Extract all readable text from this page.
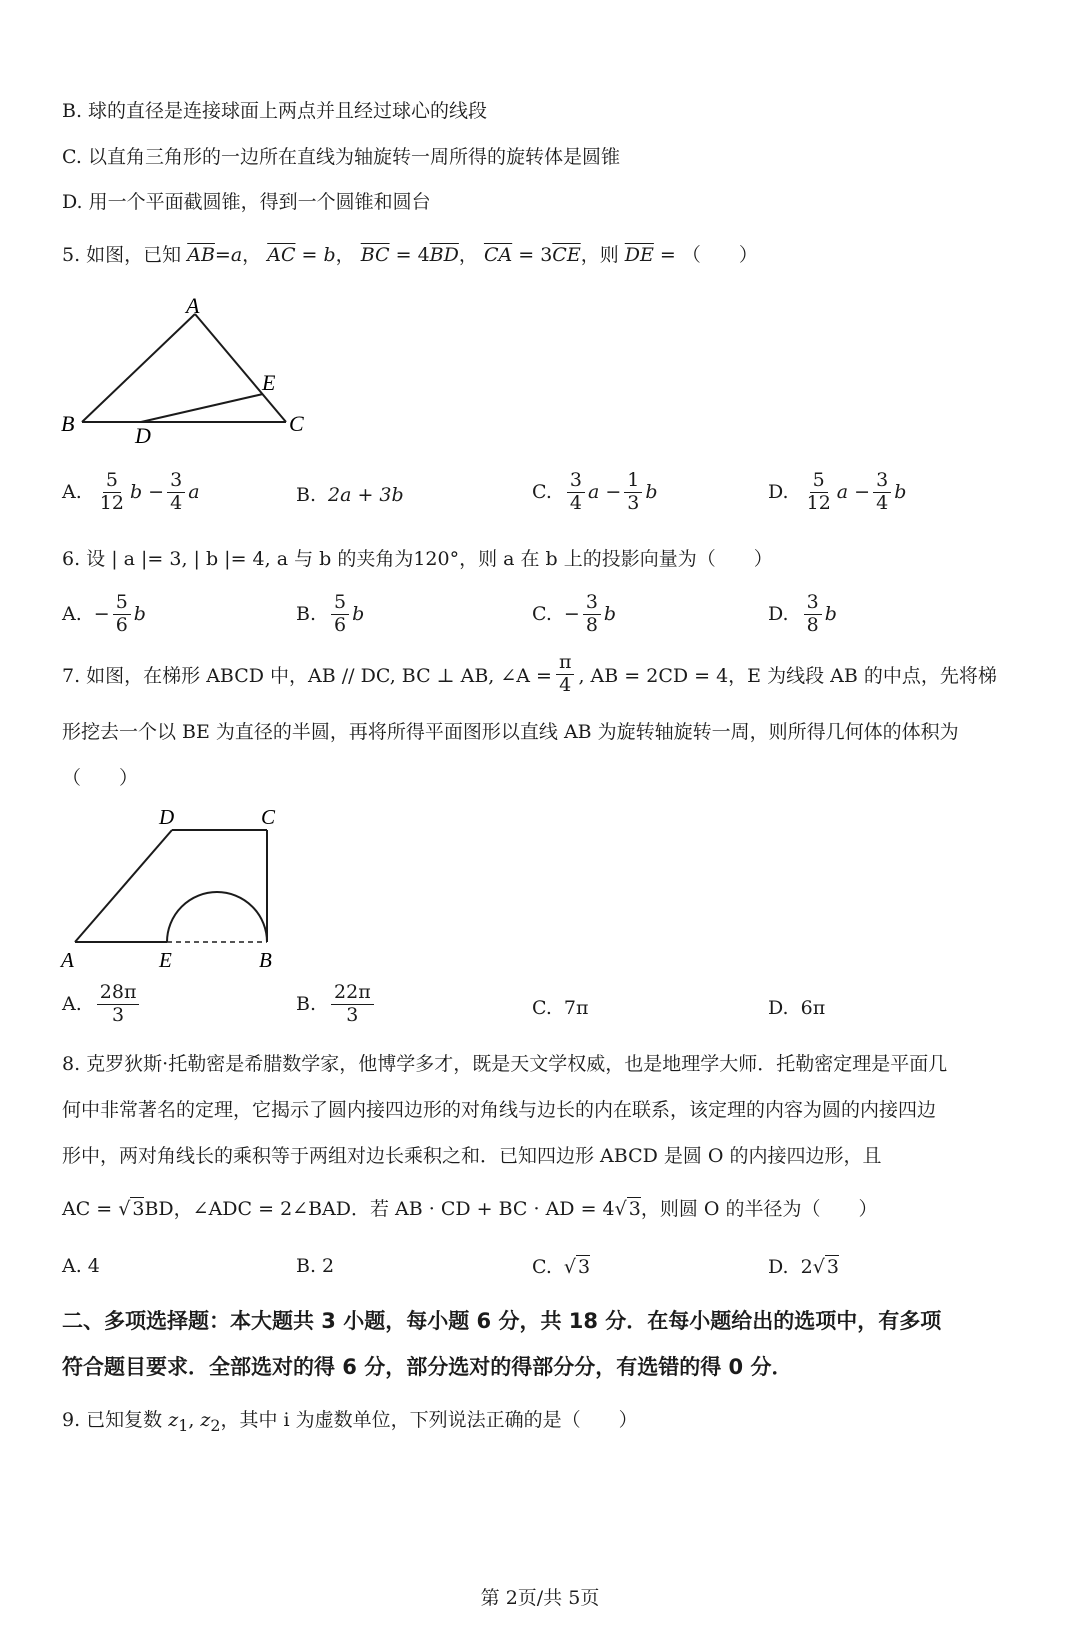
B. 球的直径是连接球面上两点并且经过球心的线段
C. 以直角三角形的一边所在直线为轴旋转一周所得的旋转体是圆锥
D. 用一个平面截圆锥，得到一个圆锥和圆台
5. 如图，已知 $\overline{AB}=a$， $\overline{AC} = b$， $\overline{BC} = 4\overline{BD}$， $\overline{CA} = 3\overline{CE}$，则 $\overline{DE}$ = （　　）
A
B	C
D
E
A. $\frac{5}{12}$ b
− $\frac{3}{4}$ a	B. 2a + 3b	C. $\frac{3}{4}$ a
− $\frac{1}{3}$ b	D. $\frac{5}{12}$ a
− $\frac{3}{4}$ b
6. 设 | a |= 3, | b |= 4, a 与 b 的夹角为120°，则 a 在 b 上的投影向量为（　　）
A. − $\frac{5}{6}$ b	B. $\frac{5}{6}$ b	C. − $\frac{3}{8}$ b	D. $\frac{3}{8}$ b
7. 如图，在梯形 ABCD 中，AB // DC, BC ⊥ AB, ∠A = $\frac{\pi}{4}$ , AB = 2CD = 4，E 为线段 AB 的中点，先将梯
形挖去一个以 BE 为直径的半圆，再将所得平面图形以直线 AB 为旋转轴旋转一周，则所得几何体的体积为
（　　）
A	E	B
D	C
A. $\frac{28\pi}{3}$	B. $\frac{22\pi}{3}$	C. 7π	D. 6π
8. 克罗狄斯·托勒密是希腊数学家，他博学多才，既是天文学权威，也是地理学大师．托勒密定理是平面几
何中非常著名的定理，它揭示了圆内接四边形的对角线与边长的内在联系，该定理的内容为圆的内接四边
形中，两对角线长的乘积等于两组对边长乘积之和．已知四边形 ABCD 是圆 O 的内接四边形，且
AC = √ 3BD，∠ADC = 2∠BAD．若 AB · CD + BC · AD = 4√ 3，则圆 O 的半径为（　　）
A. 4	B. 2	C. √ 3	D. 2 √ 3
二、多项选择题：本大题共 3 小题，每小题 6 分，共 18 分．在每小题给出的选项中，有多项
符合题目要求．全部选对的得 6 分，部分选对的得部分分，有选错的得 0 分．
9. 已知复数 $z_1$, $z_2$，其中 i 为虚数单位，下列说法正确的是（　　）
第 2页/共 5页
